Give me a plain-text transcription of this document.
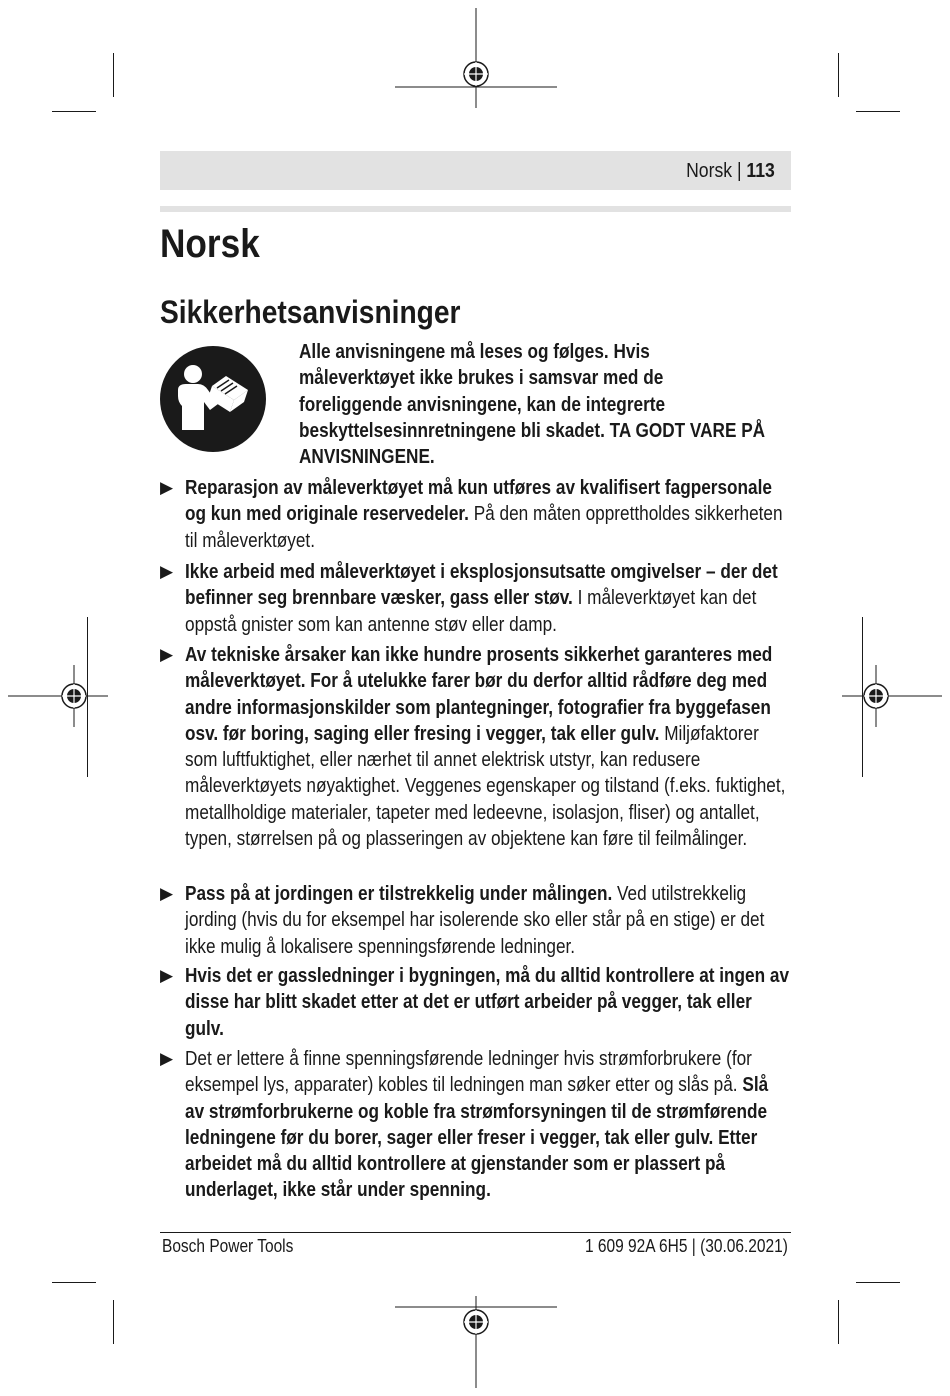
Norsk | 113
Norsk
Sikkerhetsanvisninger
Alle anvisningene må leses og følges. Hvis måleverktøyet ikke brukes i samsvar med de foreliggende anvisningene, kan de integrerte beskyttelsesinnretningene bli skadet. TA GODT VARE PÅ ANVISNINGENE.
▶ Reparasjon av måleverktøyet må kun utføres av kvalifisert fagpersonale og kun med originale reservedeler. På den måten opprettholdes sikkerheten til måleverktøyet.
▶ Ikke arbeid med måleverktøyet i eksplosjonsutsatte omgivelser – der det befinner seg brennbare væsker, gass eller støv. I måleverktøyet kan det oppstå gnister som kan antenne støv eller damp.
▶ Av tekniske årsaker kan ikke hundre prosents sikkerhet garanteres med måleverktøyet. For å utelukke farer bør du derfor alltid rådføre deg med andre informasjonskilder som plantegninger, fotografier fra byggefasen osv. før boring, saging eller fresing i vegger, tak eller gulv. Miljøfaktorer som luftfuktighet, eller nærhet til annet elektrisk utstyr, kan redusere måleverktøyets nøyaktighet. Veggenes egenskaper og tilstand (f.eks. fuktighet, metallholdige materialer, tapeter med ledeevne, isolasjon, fliser) og antallet, typen, størrelsen på og plasseringen av objektene kan føre til feilmålinger.
▶ Pass på at jordingen er tilstrekkelig under målingen. Ved utilstrekkelig jording (hvis du for eksempel har isolerende sko eller står på en stige) er det ikke mulig å lokalisere spenningsførende ledninger.
▶ Hvis det er gassledninger i bygningen, må du alltid kontrollere at ingen av disse har blitt skadet etter at det er utført arbeider på vegger, tak eller gulv.
▶ Det er lettere å finne spenningsførende ledninger hvis strømforbrukere (for eksempel lys, apparater) kobles til ledningen man søker etter og slås på. Slå av strømforbrukerne og koble fra strømforsyningen til de strømførende ledningene før du borer, sager eller freser i vegger, tak eller gulv. Etter arbeidet må du alltid kontrollere at gjenstander som er plassert på underlaget, ikke står under spenning.
Bosch Power Tools	1 609 92A 6H5 | (30.06.2021)
